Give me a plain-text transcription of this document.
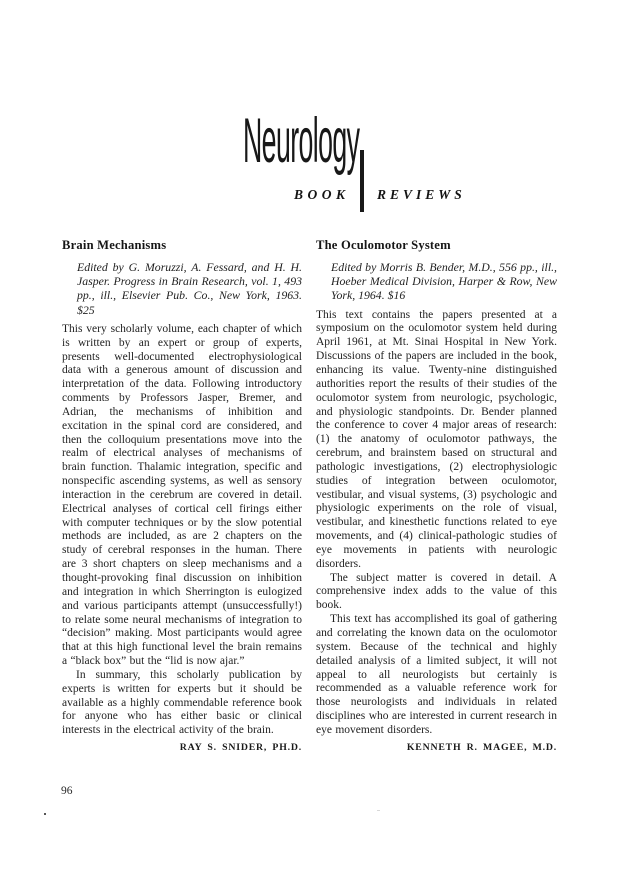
Neurology
BOOK REVIEWS
Brain Mechanisms

Edited by G. Moruzzi, A. Fessard, and H. H. Jasper. Progress in Brain Research, vol. 1, 493 pp., ill., Elsevier Pub. Co., New York, 1963. $25

This very scholarly volume, each chapter of which is written by an expert or group of experts, presents well-documented electrophysiological data with a generous amount of discussion and interpretation of the data. Following introductory comments by Professors Jasper, Bremer, and Adrian, the mechanisms of inhibition and excitation in the spinal cord are considered, and then the colloquium presentations move into the realm of electrical analyses of mechanisms of brain function. Thalamic integration, specific and nonspecific ascending systems, as well as sensory interaction in the cerebrum are covered in detail. Electrical analyses of cortical cell firings either with computer techniques or by the slow potential methods are included, as are 2 chapters on the study of cerebral responses in the human. There are 3 short chapters on sleep mechanisms and a thought-provoking final discussion on inhibition and integration in which Sherrington is eulogized and various participants attempt (unsuccessfully!) to relate some neural mechanisms of integration to “decision” making. Most participants would agree that at this high functional level the brain remains a “black box” but the “lid is now ajar.”

In summary, this scholarly publication by experts is written for experts but it should be available as a highly commendable reference book for anyone who has either basic or clinical interests in the electrical activity of the brain.

RAY S. SNIDER, PH.D.
The Oculomotor System

Edited by Morris B. Bender, M.D., 556 pp., ill., Hoeber Medical Division, Harper & Row, New York, 1964. $16

This text contains the papers presented at a symposium on the oculomotor system held during April 1961, at Mt. Sinai Hospital in New York. Discussions of the papers are included in the book, enhancing its value. Twenty-nine distinguished authorities report the results of their studies of the oculomotor system from neurologic, psychologic, and physiologic standpoints. Dr. Bender planned the conference to cover 4 major areas of research: (1) the anatomy of oculomotor pathways, the cerebrum, and brainstem based on structural and pathologic investigations, (2) electrophysiologic studies of integration between oculomotor, vestibular, and visual systems, (3) psychologic and physiologic experiments on the role of visual, vestibular, and kinesthetic functions related to eye movements, and (4) clinical-pathologic studies of eye movements in patients with neurologic disorders.

The subject matter is covered in detail. A comprehensive index adds to the value of this book.

This text has accomplished its goal of gathering and correlating the known data on the oculomotor system. Because of the technical and highly detailed analysis of a limited subject, it will not appeal to all neurologists but certainly is recommended as a valuable reference work for those neurologists and individuals in related disciplines who are interested in current research in eye movement disorders.

KENNETH R. MAGEE, M.D.
96
